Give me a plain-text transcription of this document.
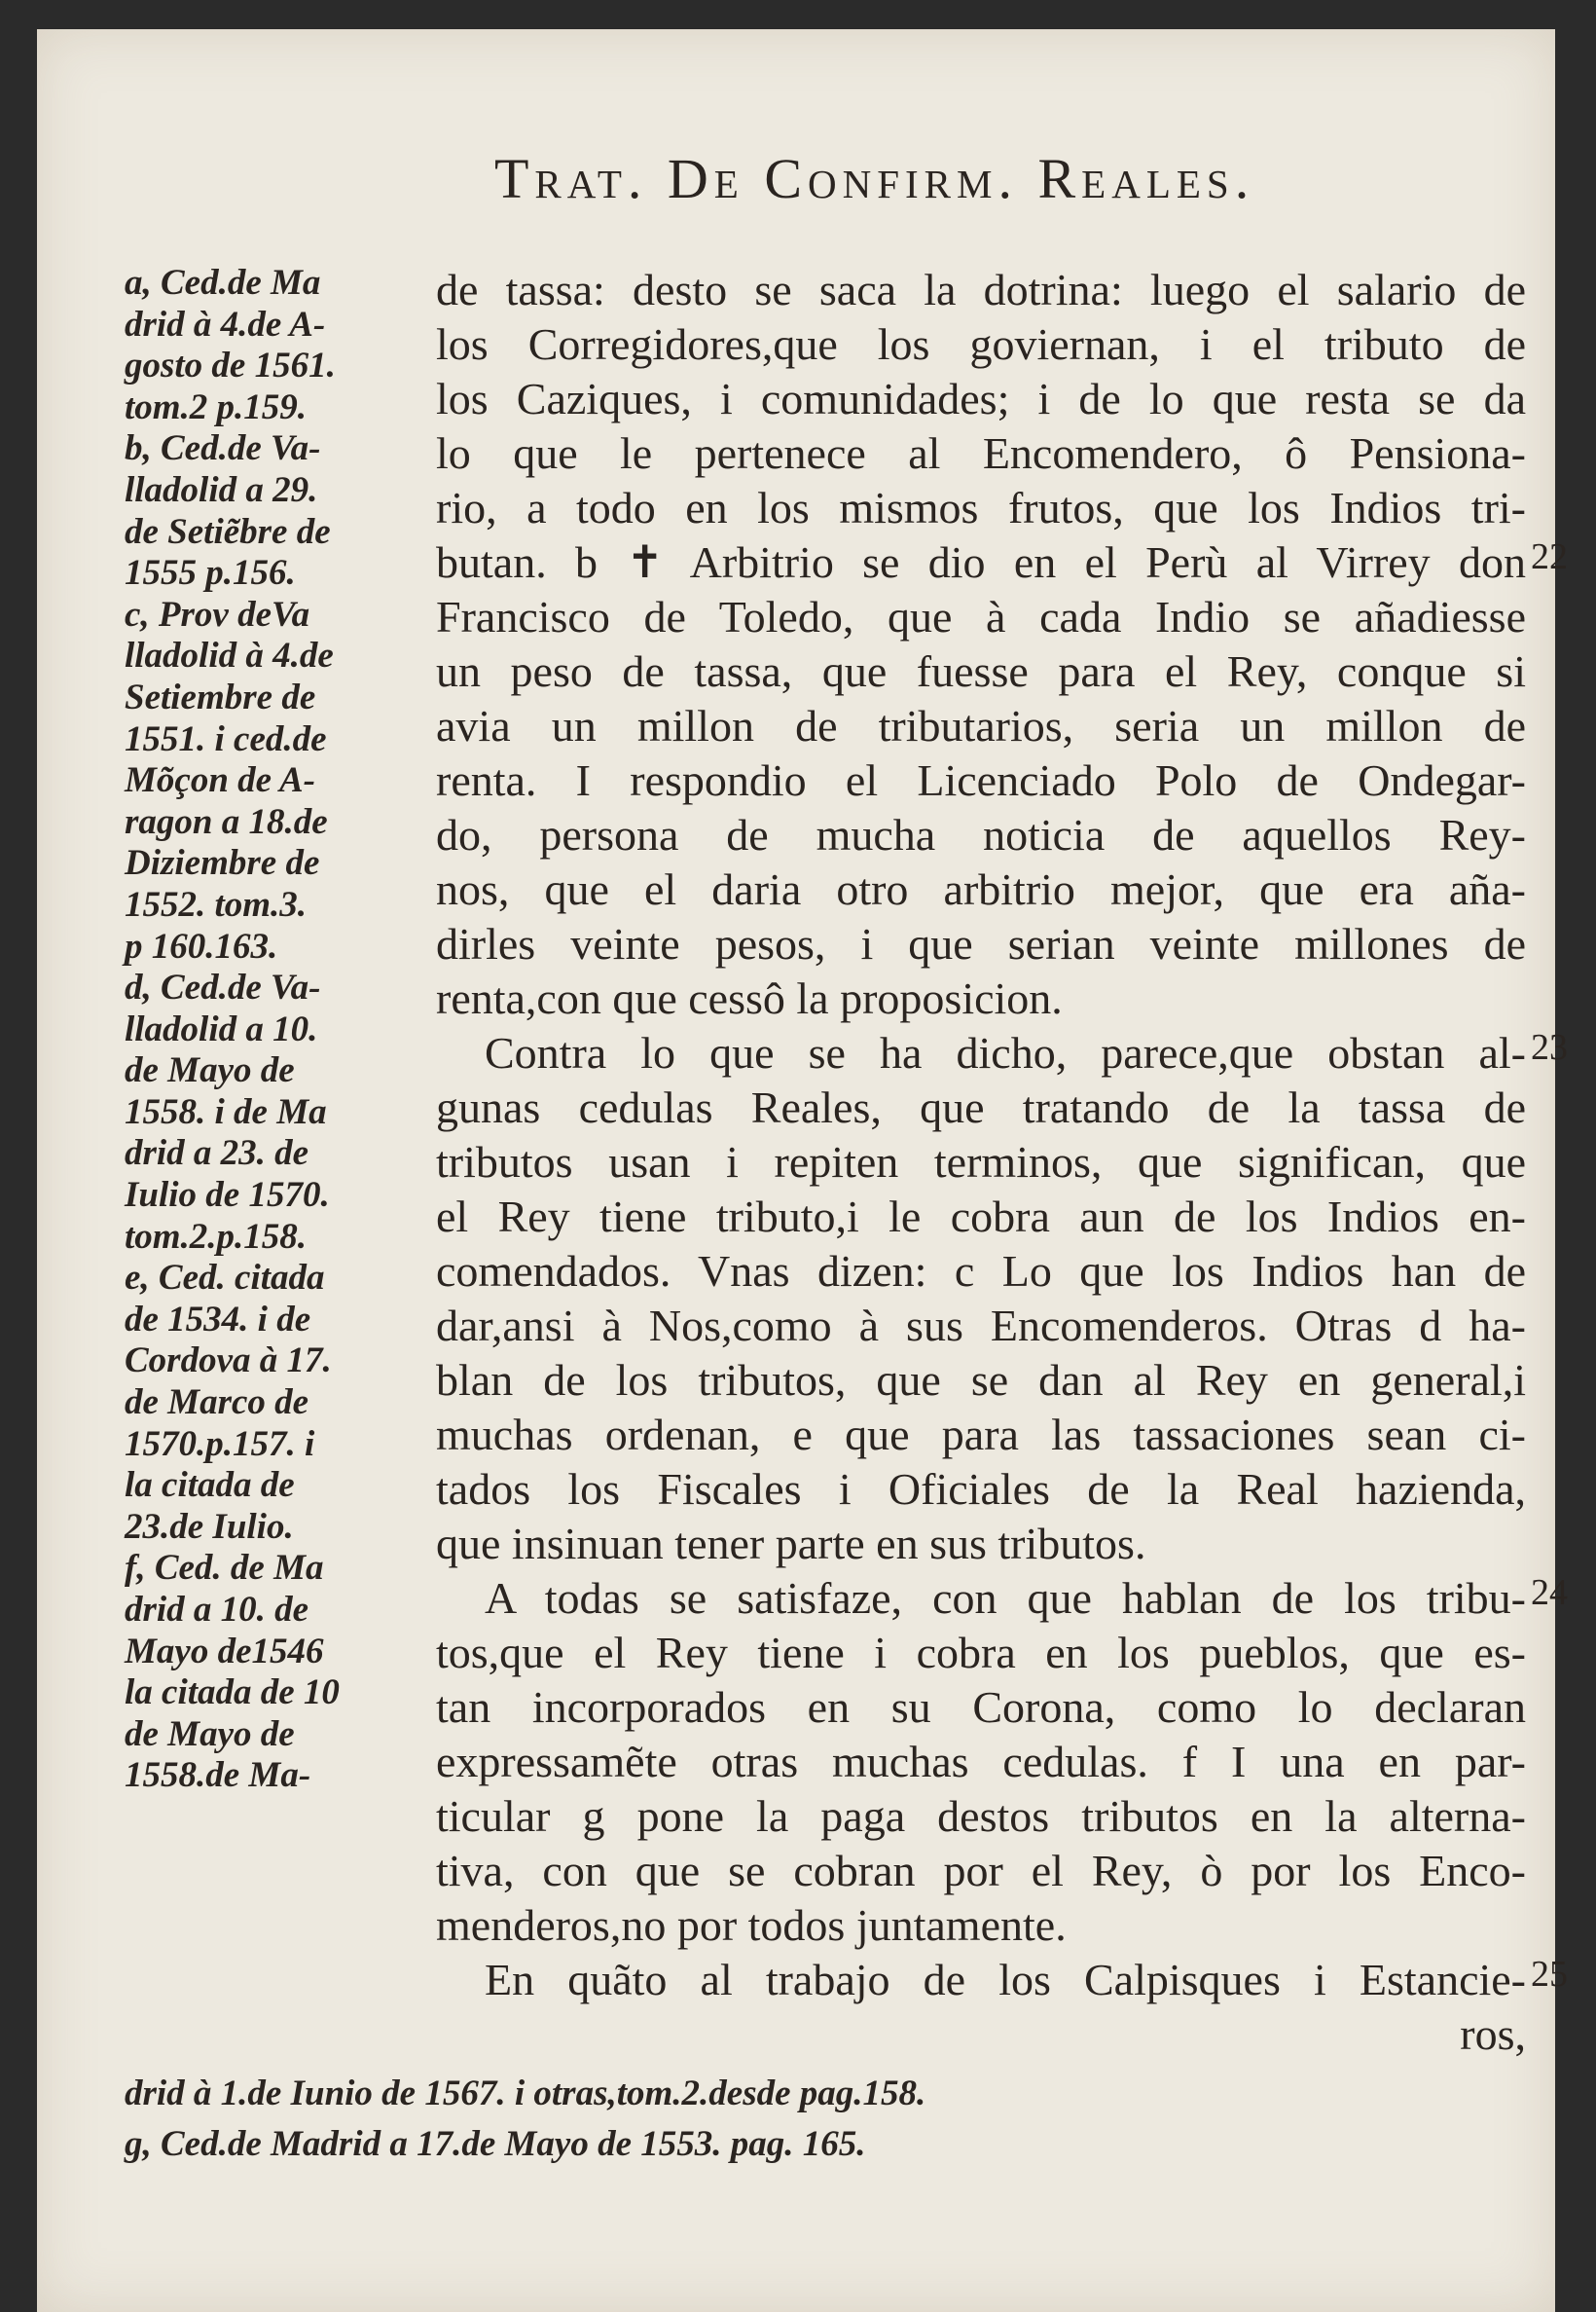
Trat. De Confirm. Reales.
a, Ced.de Ma
drid à 4.de A-
gosto de 1561.
tom.2 p.159.
b, Ced.de Va-
lladolid a 29.
de Setiẽbre de
1555 p.156.
c, Prov deVa
lladolid à 4.de
Setiembre de
1551. i ced.de
Mõçon de A-
ragon a 18.de
Diziembre de
1552. tom.3.
p 160.163.
d, Ced.de Va-
lladolid a 10.
de Mayo de
1558. i de Ma
drid a 23. de
Iulio de 1570.
tom.2.p.158.
e, Ced. citada
de 1534. i de
Cordova à 17.
de Marco de
1570.p.157. i
la citada de
23.de Iulio.
f, Ced. de Ma
drid a 10. de
Mayo de1546
la citada de 10
de Mayo de
1558.de Ma-
de tassa: desto se saca la dotrina: luego el salario de
los Corregidores,que los goviernan, i el tributo de
los Caziques, i comunidades; i de lo que resta se da
lo que le pertenece al Encomendero, ô Pensiona-
rio, a todo en los mismos frutos, que los Indios tri-
butan. b ✝ Arbitrio se dio en el Perù al Virrey don
Francisco de Toledo, que à cada Indio se añadiesse
un peso de tassa, que fuesse para el Rey, conque si
avia un millon de tributarios, seria un millon de
renta. I respondio el Licenciado Polo de Ondegar-
do, persona de mucha noticia de aquellos Rey-
nos, que el daria otro arbitrio mejor, que era aña-
dirles veinte pesos, i que serian veinte millones de
renta,con que cessô la proposicion.
Contra lo que se ha dicho, parece,que obstan al-
gunas cedulas Reales, que tratando de la tassa de
tributos usan i repiten terminos, que significan, que
el Rey tiene tributo,i le cobra aun de los Indios en-
comendados. Vnas dizen: c Lo que los Indios han de
dar,ansi à Nos,como à sus Encomenderos. Otras d ha-
blan de los tributos, que se dan al Rey en general,i
muchas ordenan, e que para las tassaciones sean ci-
tados los Fiscales i Oficiales de la Real hazienda,
que insinuan tener parte en sus tributos.
A todas se satisfaze, con que hablan de los tribu-
tos,que el Rey tiene i cobra en los pueblos, que es-
tan incorporados en su Corona, como lo declaran
expressamẽte otras muchas cedulas. f I una en par-
ticular g pone la paga destos tributos en la alterna-
tiva, con que se cobran por el Rey, ò por los Enco-
menderos,no por todos juntamente.
En quãto al trabajo de los Calpisques i Estancie-
ros,
22
23
24
25
drid à 1.de Iunio de 1567. i otras,tom.2.desde pag.158.
g, Ced.de Madrid a 17.de Mayo de 1553. pag. 165.
